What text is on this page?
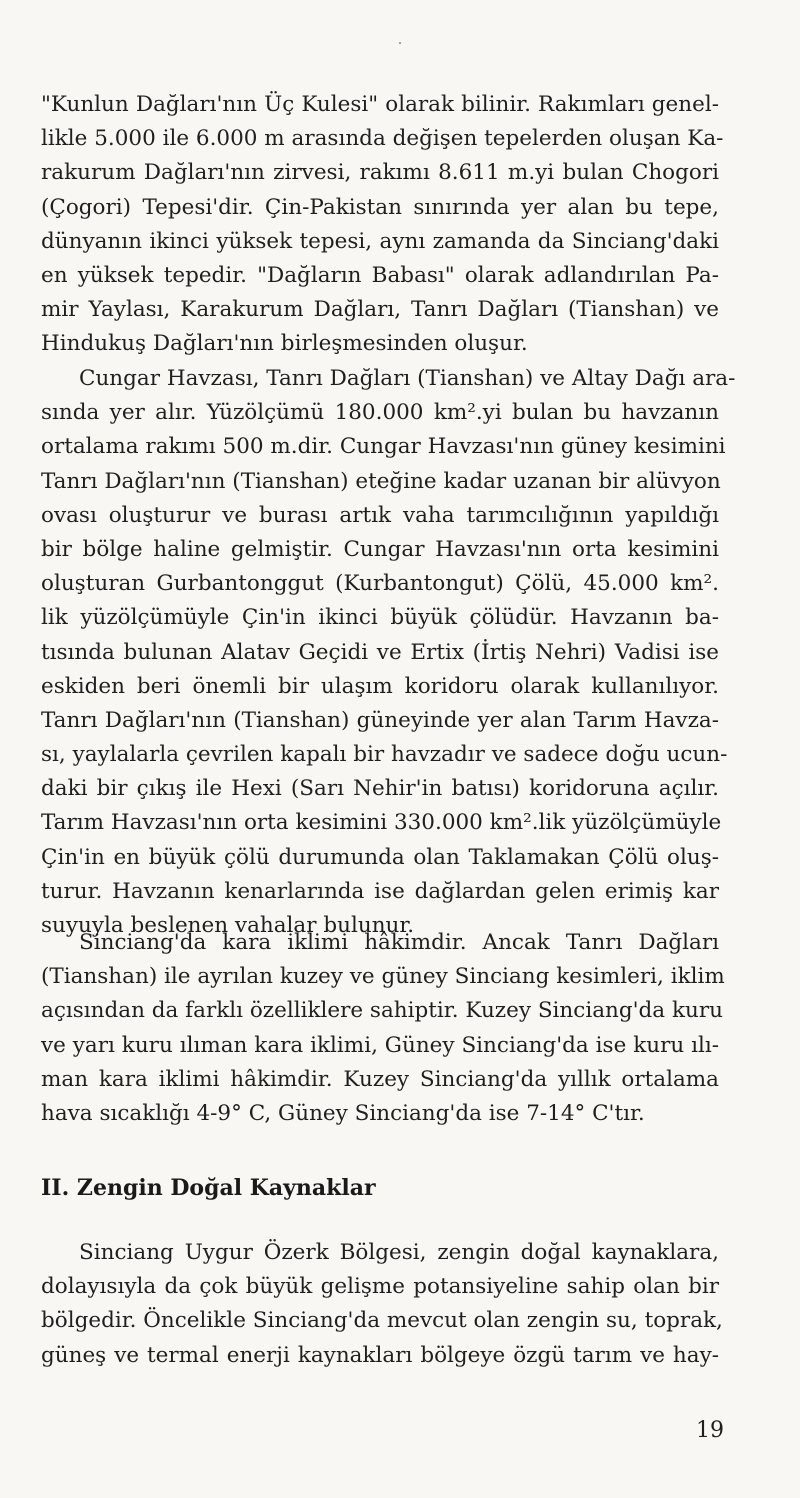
"Kunlun Dağları'nın Üç Kulesi" olarak bilinir. Rakımları genel-
likle 5.000 ile 6.000 m arasında değişen tepelerden oluşan Ka-
rakurum Dağları'nın zirvesi, rakımı 8.611 m.yi bulan Chogori
(Çogori) Tepesi'dir. Çin-Pakistan sınırında yer alan bu tepe,
dünyanın ikinci yüksek tepesi, aynı zamanda da Sinciang'daki
en yüksek tepedir. "Dağların Babası" olarak adlandırılan Pa-
mir Yaylası, Karakurum Dağları, Tanrı Dağları (Tianshan) ve
Hindukuş Dağları'nın birleşmesinden oluşur.
Cungar Havzası, Tanrı Dağları (Tianshan) ve Altay Dağı ara-
sında yer alır. Yüzölçümü 180.000 km².yi bulan bu havzanın
ortalama rakımı 500 m.dir. Cungar Havzası'nın güney kesimini
Tanrı Dağları'nın (Tianshan) eteğine kadar uzanan bir alüvyon
ovası oluşturur ve burası artık vaha tarımcılığının yapıldığı
bir bölge haline gelmiştir. Cungar Havzası'nın orta kesimini
oluşturan Gurbantonggut (Kurbantongut) Çölü, 45.000 km².
lik yüzölçümüyle Çin'in ikinci büyük çölüdür. Havzanın ba-
tısında bulunan Alatav Geçidi ve Ertix (İrtiş Nehri) Vadisi ise
eskiden beri önemli bir ulaşım koridoru olarak kullanılıyor.
Tanrı Dağları'nın (Tianshan) güneyinde yer alan Tarım Havza-
sı, yaylalarla çevrilen kapalı bir havzadır ve sadece doğu ucun-
daki bir çıkış ile Hexi (Sarı Nehir'in batısı) koridoruna açılır.
Tarım Havzası'nın orta kesimini 330.000 km².lik yüzölçümüyle
Çin'in en büyük çölü durumunda olan Taklamakan Çölü oluş-
turur. Havzanın kenarlarında ise dağlardan gelen erimiş kar
suyuyla beslenen vahalar bulunur.
Sinciang'da kara iklimi hâkimdir. Ancak Tanrı Dağları
(Tianshan) ile ayrılan kuzey ve güney Sinciang kesimleri, iklim
açısından da farklı özelliklere sahiptir. Kuzey Sinciang'da kuru
ve yarı kuru ılıman kara iklimi, Güney Sinciang'da ise kuru ılı-
man kara iklimi hâkimdir. Kuzey Sinciang'da yıllık ortalama
hava sıcaklığı 4-9° C, Güney Sinciang'da ise 7-14° C'tır.
II. Zengin Doğal Kaynaklar
Sinciang Uygur Özerk Bölgesi, zengin doğal kaynaklara,
dolayısıyla da çok büyük gelişme potansiyeline sahip olan bir
bölgedir. Öncelikle Sinciang'da mevcut olan zengin su, toprak,
güneş ve termal enerji kaynakları bölgeye özgü tarım ve hay-
19
